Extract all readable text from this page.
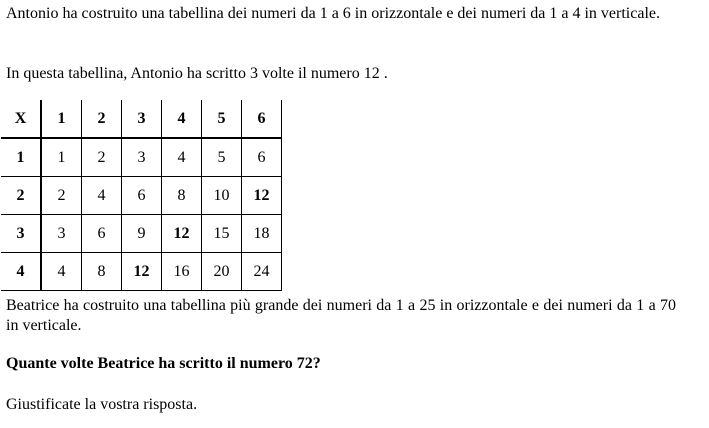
Antonio ha costruito una tabellina dei numeri da 1 a 6 in orizzontale e dei numeri da 1 a 4 in verticale.

In questa tabellina, Antonio ha scritto 3 volte il numero 12 .

X	1	2	3	4	5	6
1	1	2	3	4	5	6
2	2	4	6	8	10	12
3	3	6	9	12	15	18
4	4	8	12	16	20	24

Beatrice ha costruito una tabellina più grande dei numeri da 1 a 25 in orizzontale e dei numeri da 1 a 70 in verticale.

Quante volte Beatrice ha scritto il numero 72?

Giustificate la vostra risposta.
